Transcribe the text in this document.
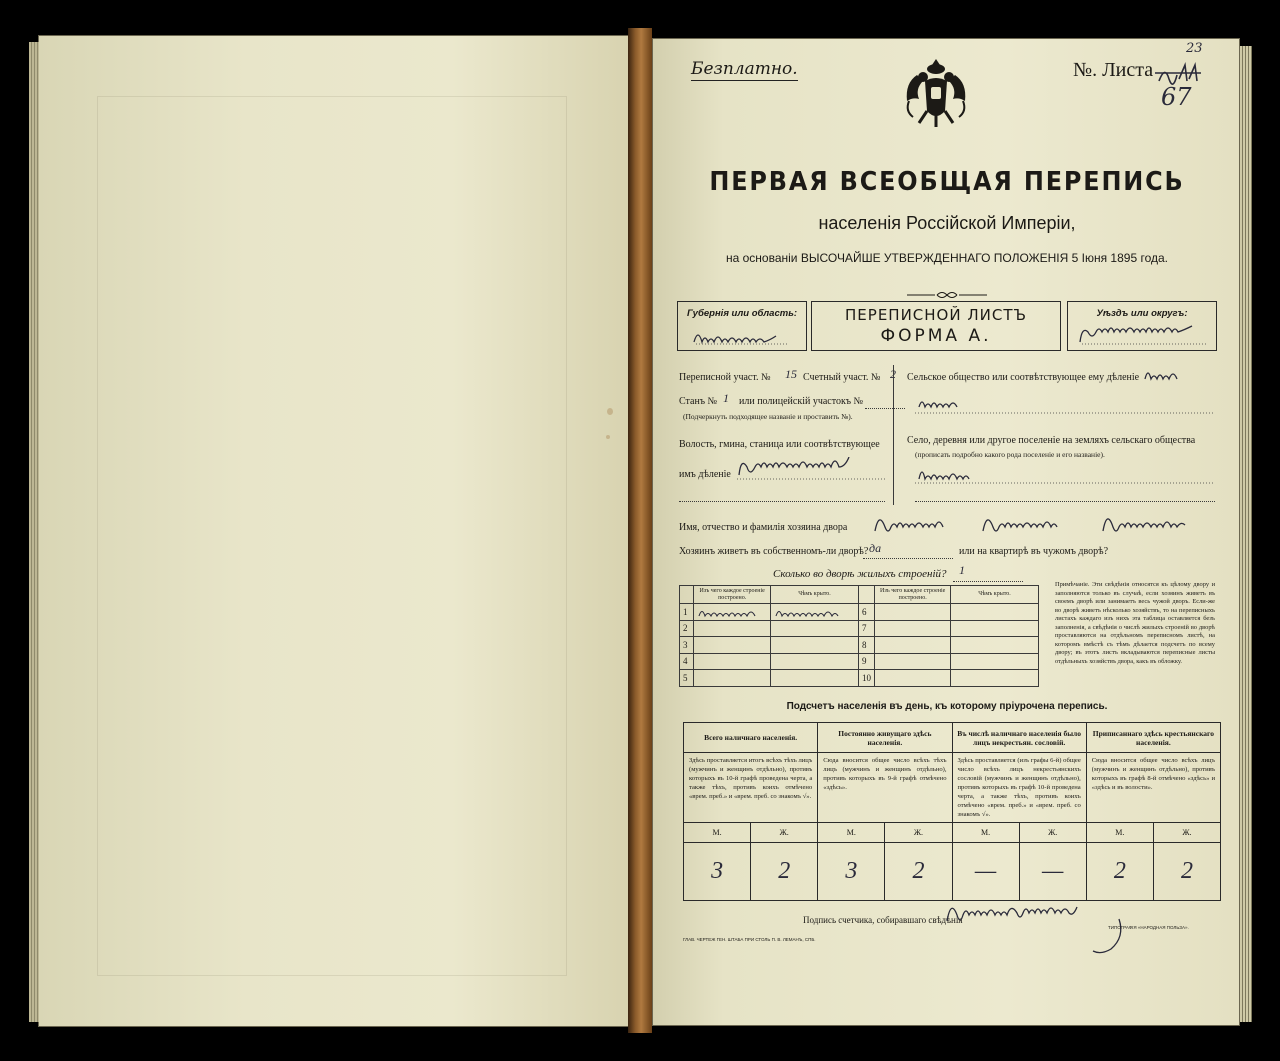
Безплатно.	№. Листа
23
67
ПЕРВАЯ ВСЕОБЩАЯ ПЕРЕПИСЬ
населенія Россійской Имперіи,
на основаніи ВЫСОЧАЙШЕ УТВЕРЖДЕННАГО ПОЛОЖЕНІЯ 5 Іюня 1895 года.
Губернія или область:	ПЕРЕПИСНОЙ ЛИСТЪ
ФОРМА А.
Уѣздъ или округъ:
Переписной участ. № 15 Счетный участ. № 2
Станъ № 1 или полицейскій участокъ №
(Подчеркнуть подходящее названіе и проставить №).
Волость, гмина, станица или соотвѣтствующее
имъ дѣленіе
Сельское общество или соотвѣтствующее ему дѣленіе
Село, деревня или другое поселеніе на земляхъ сельскаго общества
(прописать подробно какого рода поселеніе и его названіе).
Имя, отчество и фамилія хозяина двора
Хозяинъ живетъ въ собственномъ-ли дворѣ? да	или на квартирѣ въ чужомъ дворѣ?
Сколько во дворѣ жилыхъ строеній? 1
	Изъ чего каждое строеніе построено.	Чѣмъ крыто.		Изъ чего каждое строеніе построено.	Чѣмъ крыто.
1			6		
2			7		
3			8		
4			9		
5			10		
Примѣчаніе. Эти свѣдѣнія относятся къ цѣлому двору и заполняются только въ случаѣ, если хозяинъ живетъ въ своемъ дворѣ или занимаетъ весь чужой дворъ. Если-же во дворѣ живетъ нѣсколько хозяйствъ, то на переписныхъ листахъ каждаго изъ нихъ эта таблица оставляется безъ заполненія, а свѣдѣнія о числѣ жилыхъ строеній во дворѣ проставляются на отдѣльномъ переписномъ листѣ, на которомъ вмѣстѣ съ тѣмъ дѣлается подсчетъ по всему двору; въ этотъ листъ вкладываются переписные листы отдѣльныхъ хозяйствъ двора, какъ въ обложку.
Подсчетъ населенія въ день, къ которому пріурочена перепись.
Всего наличнаго населенія.		Постоянно живущаго здѣсь населенія.		Въ числѣ наличнаго населенія было лицъ некрестьян. сословій.		Приписаннаго здѣсь крестьянскаго населенія.	
Здѣсь проставляется итогъ всѣхъ тѣхъ лицъ (мужчинъ и женщинъ отдѣльно), противъ которыхъ въ 10-й графѣ проведена черта, а также тѣхъ, противъ коихъ отмѣчено «врем. преб.» и «врем. преб. со знакомъ √».		Сюда вносится общее число всѣхъ тѣхъ лицъ (мужчинъ и женщинъ отдѣльно), противъ которыхъ въ 9-й графѣ отмѣчено «здѣсь».		Здѣсь проставляется (изъ графы 6-й) общее число всѣхъ лицъ некрестьянскихъ сословій (мужчинъ и женщинъ отдѣльно), противъ которыхъ въ графѣ 10-й проведена черта, а также тѣхъ, противъ коихъ отмѣчено «врем. преб.» и «врем. преб. со знакомъ √».		Сюда вносится общее число всѣхъ лицъ (мужчинъ и женщинъ отдѣльно), противъ которыхъ въ графѣ 8-й отмѣчено «здѣсь» и «здѣсь и въ волости».	
М.	Ж.	М.	Ж.	М.	Ж.	М.	Ж.
3	2	3	2	—	—	2	2
Подпись счетчика, собиравшаго свѣдѣнія
ГЛАВ. ЧЕРТЕЖ ГЕН. ШТАБА ПРИ СТОЛЬ П. В. ЛЕМАНЪ, СПБ.
ТИПОГРАФІЯ «НАРОДНАЯ ПОЛЬЗА».
